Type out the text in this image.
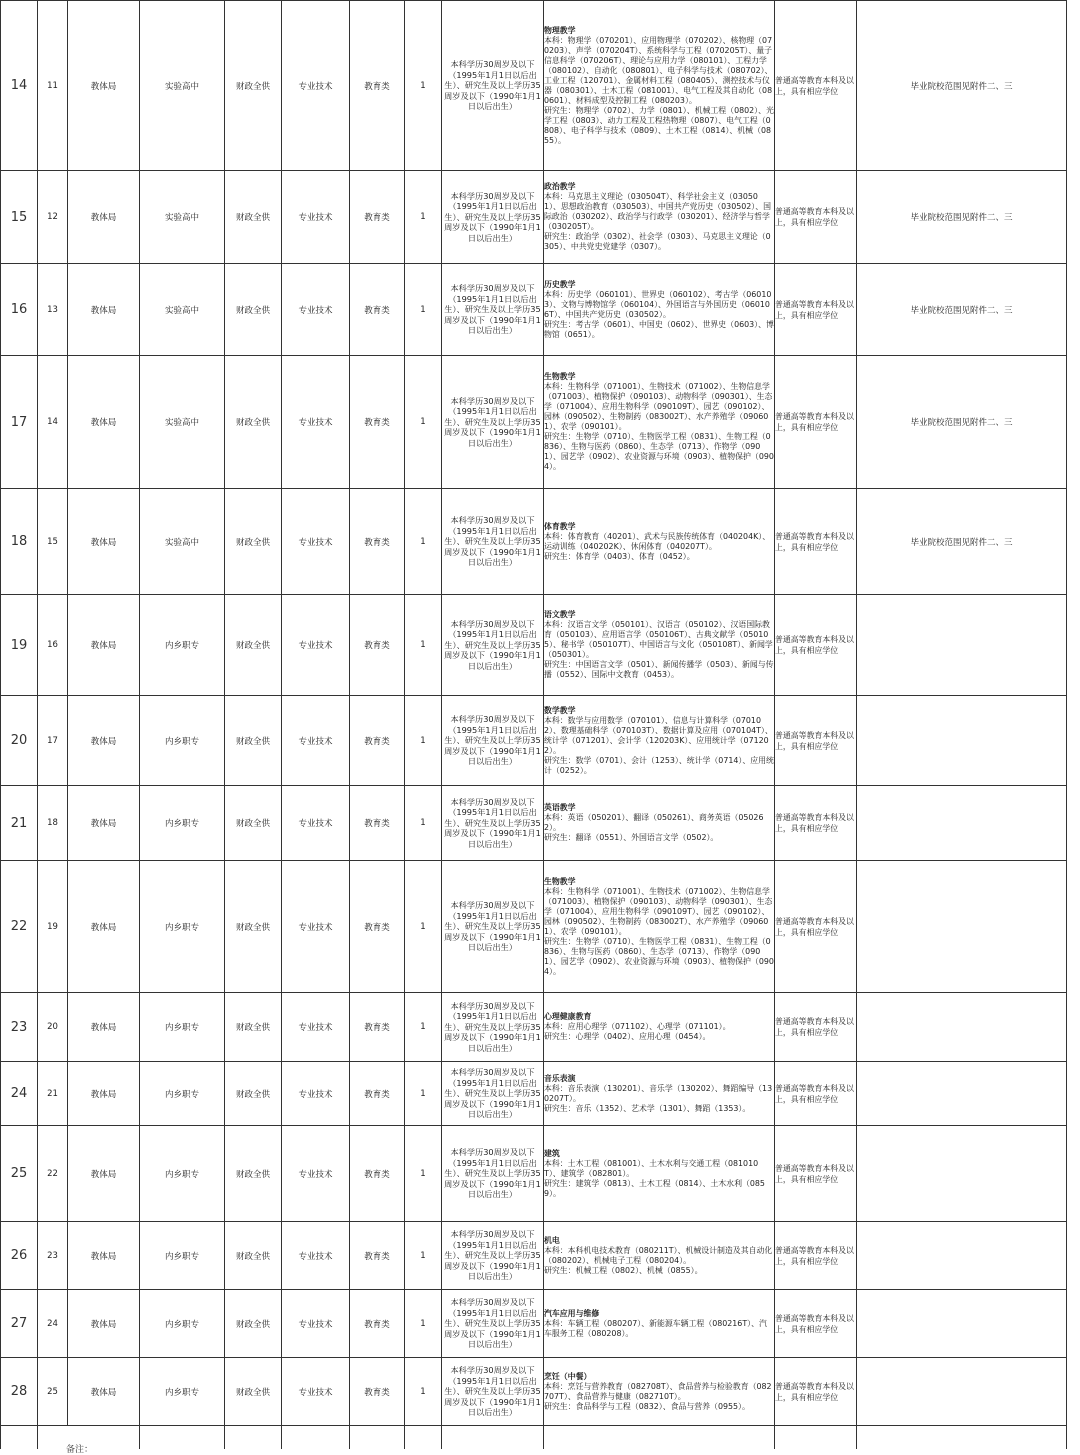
14	11	教体局	实验高中	财政全供	专业技术	教育类	1	本科学历30周岁及以下（1995年1月1日以后出生）、研究生及以上学历35周岁及以下（1990年1月1日以后出生）	物理教学
本科：物理学（070201）、应用物理学（070202）、核物理（070203）、声学（070204T）、系统科学与工程（070205T）、量子信息科学（070206T）、理论与应用力学（080101）、工程力学（080102）、自动化（080801）、电子科学与技术（080702）、工业工程（120701）、金属材料工程（080405）、测控技术与仪器（080301）、土木工程（081001）、电气工程及其自动化（080601）、材料成型及控制工程（080203）。
研究生：物理学（0702）、力学（0801）、机械工程（0802）、光学工程（0803）、动力工程及工程热物理（0807）、电气工程（0808）、电子科学与技术（0809）、土木工程（0814）、机械（0855）。	普通高等教育本科及以上，具有相应学位	毕业院校范围见附件二、三
15	12	教体局	实验高中	财政全供	专业技术	教育类	1	本科学历30周岁及以下（1995年1月1日以后出生）、研究生及以上学历35周岁及以下（1990年1月1日以后出生）	政治教学
本科：马克思主义理论（030504T）、科学社会主义（030501）、思想政治教育（030503）、中国共产党历史（030502）、国际政治（030202）、政治学与行政学（030201）、经济学与哲学（030205T）。
研究生：政治学（0302）、社会学（0303）、马克思主义理论（0305）、中共党史党建学（0307）。	普通高等教育本科及以上，具有相应学位	毕业院校范围见附件二、三
16	13	教体局	实验高中	财政全供	专业技术	教育类	1	本科学历30周岁及以下（1995年1月1日以后出生）、研究生及以上学历35周岁及以下（1990年1月1日以后出生）	历史教学
本科：历史学（060101）、世界史（060102）、考古学（060103）、文物与博物馆学（060104）、外国语言与外国历史（060106T）、中国共产党历史（030502）。
研究生：考古学（0601）、中国史（0602）、世界史（0603）、博物馆（0651）。	普通高等教育本科及以上，具有相应学位	毕业院校范围见附件二、三
17	14	教体局	实验高中	财政全供	专业技术	教育类	1	本科学历30周岁及以下（1995年1月1日以后出生）、研究生及以上学历35周岁及以下（1990年1月1日以后出生）	生物教学
本科：生物科学（071001）、生物技术（071002）、生物信息学（071003）、植物保护（090103）、动物科学（090301）、生态学（071004）、应用生物科学（090109T）、园艺（090102）、园林（090502）、生物制药（083002T）、水产养殖学（090601）、农学（090101）。
研究生：生物学（0710）、生物医学工程（0831）、生物工程（0836）、生物与医药（0860）、生态学（0713）、作物学（0901）、园艺学（0902）、农业资源与环境（0903）、植物保护（0904）。	普通高等教育本科及以上，具有相应学位	毕业院校范围见附件二、三
18	15	教体局	实验高中	财政全供	专业技术	教育类	1	本科学历30周岁及以下（1995年1月1日以后出生）、研究生及以上学历35周岁及以下（1990年1月1日以后出生）	体育教学
本科：体育教育（40201）、武术与民族传统体育（040204K）、运动训练（040202K）、休闲体育（040207T）。
研究生：体育学（0403）、体育（0452）。	普通高等教育本科及以上，具有相应学位	毕业院校范围见附件二、三
19	16	教体局	内乡职专	财政全供	专业技术	教育类	1	本科学历30周岁及以下（1995年1月1日以后出生）、研究生及以上学历35周岁及以下（1990年1月1日以后出生）	语文教学
本科：汉语言文学（050101）、汉语言（050102）、汉语国际教育（050103）、应用语言学（050106T）、古典文献学（050105）、秘书学（050107T）、中国语言与文化（050108T）、新闻学（050301）。
研究生：中国语言文学（0501）、新闻传播学（0503）、新闻与传播（0552）、国际中文教育（0453）。	普通高等教育本科及以上，具有相应学位	
20	17	教体局	内乡职专	财政全供	专业技术	教育类	1	本科学历30周岁及以下（1995年1月1日以后出生）、研究生及以上学历35周岁及以下（1990年1月1日以后出生）	数学教学
本科：数学与应用数学（070101）、信息与计算科学（070102）、数理基础科学（070103T）、数据计算及应用（070104T）、统计学（071201）、会计学（120203K）、应用统计学（071202）。
研究生：数学（0701）、会计（1253）、统计学（0714）、应用统计（0252）。	普通高等教育本科及以上，具有相应学位	
21	18	教体局	内乡职专	财政全供	专业技术	教育类	1	本科学历30周岁及以下（1995年1月1日以后出生）、研究生及以上学历35周岁及以下（1990年1月1日以后出生）	英语教学
本科：英语（050201）、翻译（050261）、商务英语（050262）。
研究生：翻译（0551）、外国语言文学（0502）。	普通高等教育本科及以上，具有相应学位	
22	19	教体局	内乡职专	财政全供	专业技术	教育类	1	本科学历30周岁及以下（1995年1月1日以后出生）、研究生及以上学历35周岁及以下（1990年1月1日以后出生）	生物教学
本科：生物科学（071001）、生物技术（071002）、生物信息学（071003）、植物保护（090103）、动物科学（090301）、生态学（071004）、应用生物科学（090109T）、园艺（090102）、园林（090502）、生物制药（083002T）、水产养殖学（090601）、农学（090101）。
研究生：生物学（0710）、生物医学工程（0831）、生物工程（0836）、生物与医药（0860）、生态学（0713）、作物学（0901）、园艺学（0902）、农业资源与环境（0903）、植物保护（0904）。	普通高等教育本科及以上，具有相应学位	
23	20	教体局	内乡职专	财政全供	专业技术	教育类	1	本科学历30周岁及以下（1995年1月1日以后出生）、研究生及以上学历35周岁及以下（1990年1月1日以后出生）	心理健康教育
本科：应用心理学（071102）、心理学（071101）。
研究生：心理学（0402）、应用心理（0454）。	普通高等教育本科及以上，具有相应学位	
24	21	教体局	内乡职专	财政全供	专业技术	教育类	1	本科学历30周岁及以下（1995年1月1日以后出生）、研究生及以上学历35周岁及以下（1990年1月1日以后出生）	音乐表演
本科：音乐表演（130201）、音乐学（130202）、舞蹈编导（130207T）。
研究生：音乐（1352）、艺术学（1301）、舞蹈（1353）。	普通高等教育本科及以上，具有相应学位	
25	22	教体局	内乡职专	财政全供	专业技术	教育类	1	本科学历30周岁及以下（1995年1月1日以后出生）、研究生及以上学历35周岁及以下（1990年1月1日以后出生）	建筑
本科：土木工程（081001）、土木水利与交通工程（081010T）、建筑学（082801）。
研究生：建筑学（0813）、土木工程（0814）、土木水利（0859）。	普通高等教育本科及以上，具有相应学位	
26	23	教体局	内乡职专	财政全供	专业技术	教育类	1	本科学历30周岁及以下（1995年1月1日以后出生）、研究生及以上学历35周岁及以下（1990年1月1日以后出生）	机电
本科：本科机电技术教育（080211T）、机械设计制造及其自动化（080202）、机械电子工程（080204）。
研究生：机械工程（0802）、机械（0855）。	普通高等教育本科及以上，具有相应学位	
27	24	教体局	内乡职专	财政全供	专业技术	教育类	1	本科学历30周岁及以下（1995年1月1日以后出生）、研究生及以上学历35周岁及以下（1990年1月1日以后出生）	汽车应用与维修
本科：车辆工程（080207）、新能源车辆工程（080216T）、汽车服务工程（080208）。	普通高等教育本科及以上，具有相应学位	
28	25	教体局	内乡职专	财政全供	专业技术	教育类	1	本科学历30周岁及以下（1995年1月1日以后出生）、研究生及以上学历35周岁及以下（1990年1月1日以后出生）	烹饪（中餐）
本科：烹饪与营养教育（082708T）、食品营养与检验教育（082707T）、食品营养与健康（082710T）。
研究生：食品科学与工程（0832）、食品与营养（0955）。	普通高等教育本科及以上，具有相应学位	
备注：
